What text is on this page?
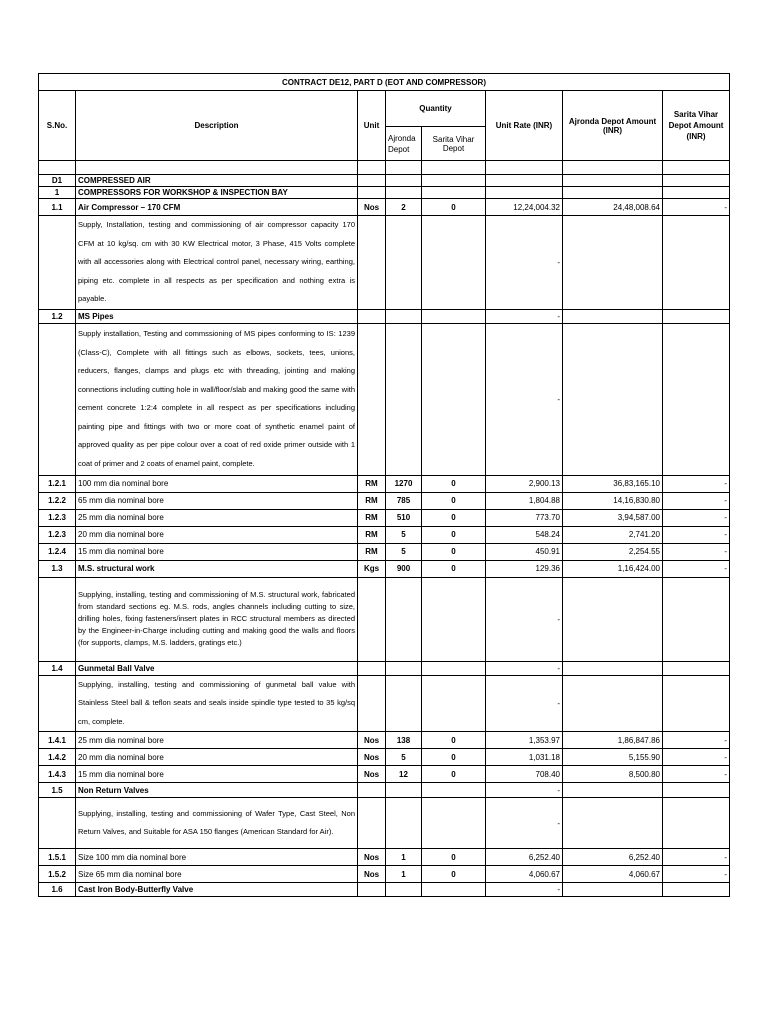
CONTRACT DE12, PART D (EOT AND COMPRESSOR)							
S.No.	Description	Unit	Quantity		Unit Rate (INR)	Ajronda Depot Amount (INR)	Sarita Vihar Depot Amount (INR)
			Ajronda Depot	Sarita Vihar Depot			

D1	COMPRESSED AIR						
1	COMPRESSORS FOR WORKSHOP & INSPECTION BAY						
1.1	Air Compressor – 170 CFM	Nos	2	0	12,24,004.32	24,48,008.64	-
	Supply, Installation, testing and commissioning of air compressor capacity 170 CFM at 10 kg/sq. cm with 30 KW Electrical motor, 3 Phase, 415 Volts complete with all accessories along with Electrical control panel, necessary wiring, earthing, piping etc. complete in all respects as per specification and nothing extra is payable.				-		
1.2	MS Pipes				-		
	Supply installation, Testing and commssioning of MS pipes conforming to IS: 1239 (Class-C), Complete with all fittings such as elbows, sockets, tees, unions, reducers, flanges, clamps and plugs etc with threading, jointing and making connections including cutting hole in wall/floor/slab and making good the same with cement concrete 1:2:4 complete in all respect as per specifications including painting pipe and fittings with two or more coat of synthetic enamel paint of approved quality as per pipe colour over a coat of red oxide primer outside with 1 coat of primer and 2 coats of enamel paint, complete.				-		
1.2.1	100 mm dia nominal bore	RM	1270	0	2,900.13	36,83,165.10	-
1.2.2	65 mm dia nominal bore	RM	785	0	1,804.88	14,16,830.80	-
1.2.3	25 mm dia nominal bore	RM	510	0	773.70	3,94,587.00	-
1.2.3	20 mm dia nominal bore	RM	5	0	548.24	2,741.20	-
1.2.4	15 mm dia nominal bore	RM	5	0	450.91	2,254.55	-
1.3	M.S. structural work	Kgs	900	0	129.36	1,16,424.00	-
	Supplying, installing, testing and commissioning of M.S. structural work, fabricated from standard sections eg. M.S. rods, angles channels including cutting to size, drilling holes, fixing fasteners/insert plates in RCC structural members as directed by the Engineer-in-Charge including cutting and making good the walls and floors (for supports, clamps, M.S. ladders, gratings etc.)				-		
1.4	Gunmetal Ball Valve				-		
	Supplying, installing, testing and commissioning of gunmetal ball value with Stainless Steel ball & teflon seats and seals inside spindle type tested to 35 kg/sq cm, complete.				-		
1.4.1	25 mm dia nominal bore	Nos	138	0	1,353.97	1,86,847.86	-
1.4.2	20 mm dia nominal bore	Nos	5	0	1,031.18	5,155.90	-
1.4.3	15 mm dia nominal bore	Nos	12	0	708.40	8,500.80	-
1.5	Non Return Valves				-		
	Supplying, installing, testing and commissioning of Wafer Type, Cast Steel, Non Return Valves, and Suitable for ASA 150 flanges (American Standard for Air).				-		
1.5.1	Size 100 mm dia nominal bore	Nos	1	0	6,252.40	6,252.40	-
1.5.2	Size 65 mm dia nominal bore	Nos	1	0	4,060.67	4,060.67	-
1.6	Cast Iron Body-Butterfly Valve				-		
